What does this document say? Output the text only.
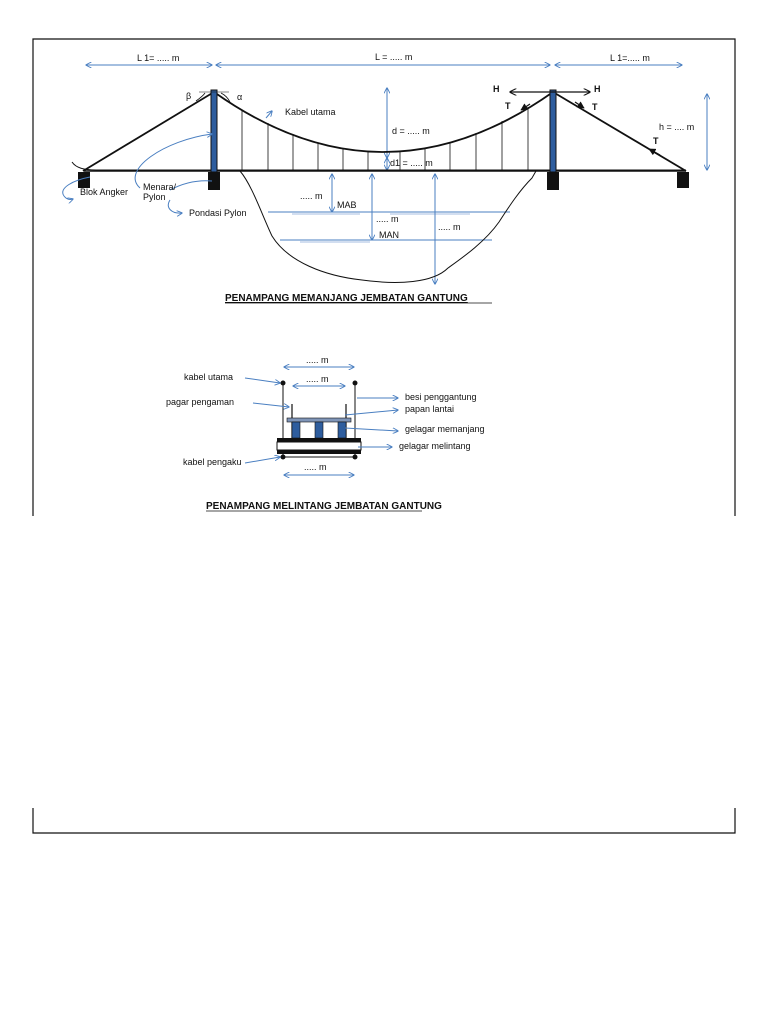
L 1= ..... m	L = ..... m	L 1=..... m
β	α
Kabel utama
d = ..... m
d1 = ..... m
H	H
T	T
T
h = .... m
Blok Angker Menara/
Pylon
Pondasi Pylon
..... m
MAB
..... m
MAN
..... m
PENAMPANG MEMANJANG JEMBATAN GANTUNG
..... m
..... m
..... m
kabel utama
pagar pengaman
kabel pengaku
besi penggantung
papan lantai
gelagar memanjang
gelagar melintang
PENAMPANG MELINTANG JEMBATAN GANTUNG
